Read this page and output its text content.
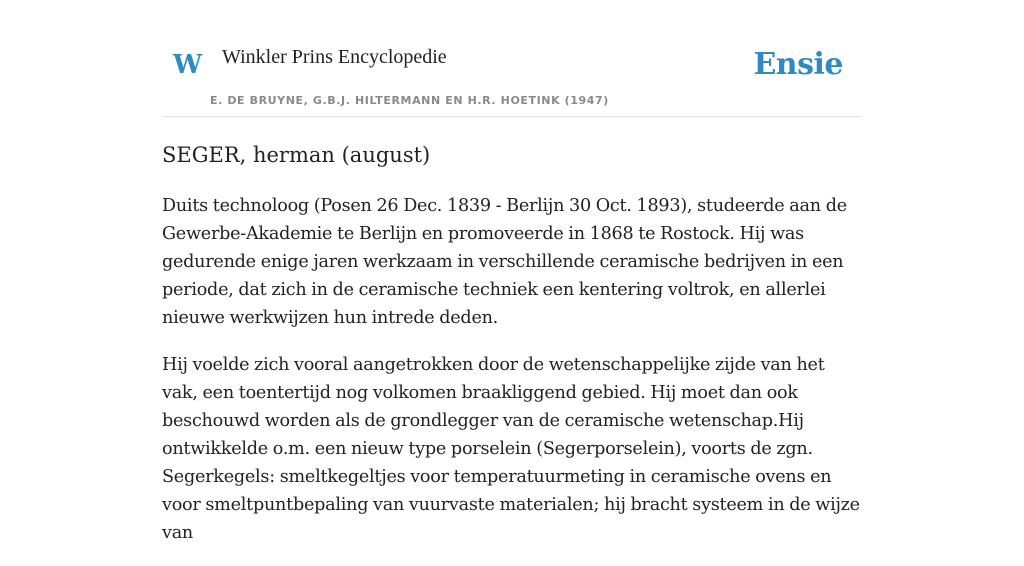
W Winkler Prins Encyclopedie
E. DE BRUYNE, G.B.J. HILTERMANN EN H.R. HOETINK (1947)
Ensie
SEGER, herman (august)

Duits technoloog (Posen 26 Dec. 1839 - Berlijn 30 Oct. 1893), studeerde aan de Gewerbe-Akademie te Berlijn en promoveerde in 1868 te Rostock. Hij was gedurende enige jaren werkzaam in verschillende ceramische bedrijven in een periode, dat zich in de ceramische techniek een kentering voltrok, en allerlei nieuwe werkwijzen hun intrede deden.

Hij voelde zich vooral aangetrokken door de wetenschappelijke zijde van het vak, een toentertijd nog volkomen braakliggend gebied. Hij moet dan ook beschouwd worden als de grondlegger van de ceramische wetenschap.Hij ontwikkelde o.m. een nieuw type porselein (Segerporselein), voorts de zgn. Segerkegels: smeltkegeltjes voor temperatuurmeting in ceramische ovens en voor smeltpuntbepaling van vuurvaste materialen; hij bracht systeem in de wijze van
